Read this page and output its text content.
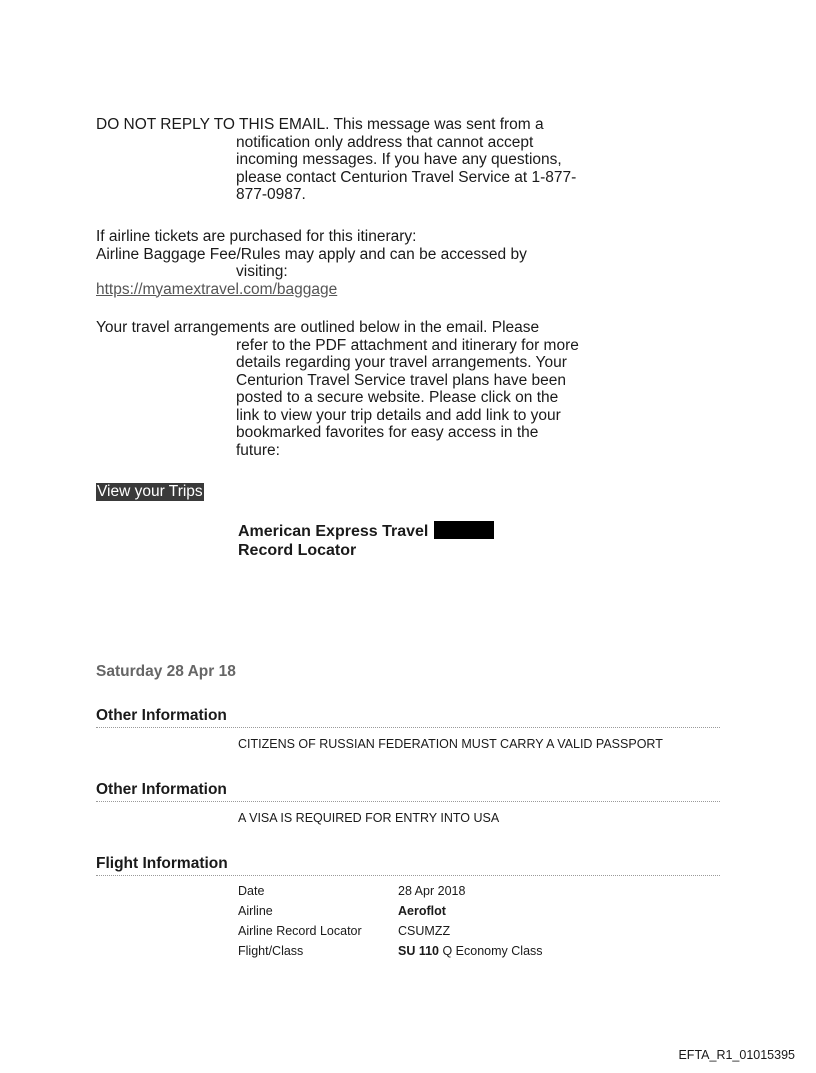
DO NOT REPLY TO THIS EMAIL. This message was sent from a
notification only address that cannot accept
incoming messages. If you have any questions,
please contact Centurion Travel Service at 1-877-
877-0987.
If airline tickets are purchased for this itinerary:
Airline Baggage Fee/Rules may apply and can be accessed by
visiting:
https://myamextravel.com/baggage
Your travel arrangements are outlined below in the email. Please
refer to the PDF attachment and itinerary for more
details regarding your travel arrangements. Your
Centurion Travel Service travel plans have been
posted to a secure website. Please click on the
link to view your trip details and add link to your
bookmarked favorites for easy access in the
future:
View your Trips
American Express Travel
Record Locator
Saturday 28 Apr 18
Other Information
CITIZENS OF RUSSIAN FEDERATION MUST CARRY A VALID PASSPORT
Other Information
A VISA IS REQUIRED FOR ENTRY INTO USA
Flight Information
Date	28 Apr 2018
Airline	Aeroflot
Airline Record Locator	CSUMZZ
Flight/Class	SU 110 Q Economy Class
EFTA_R1_01015395
